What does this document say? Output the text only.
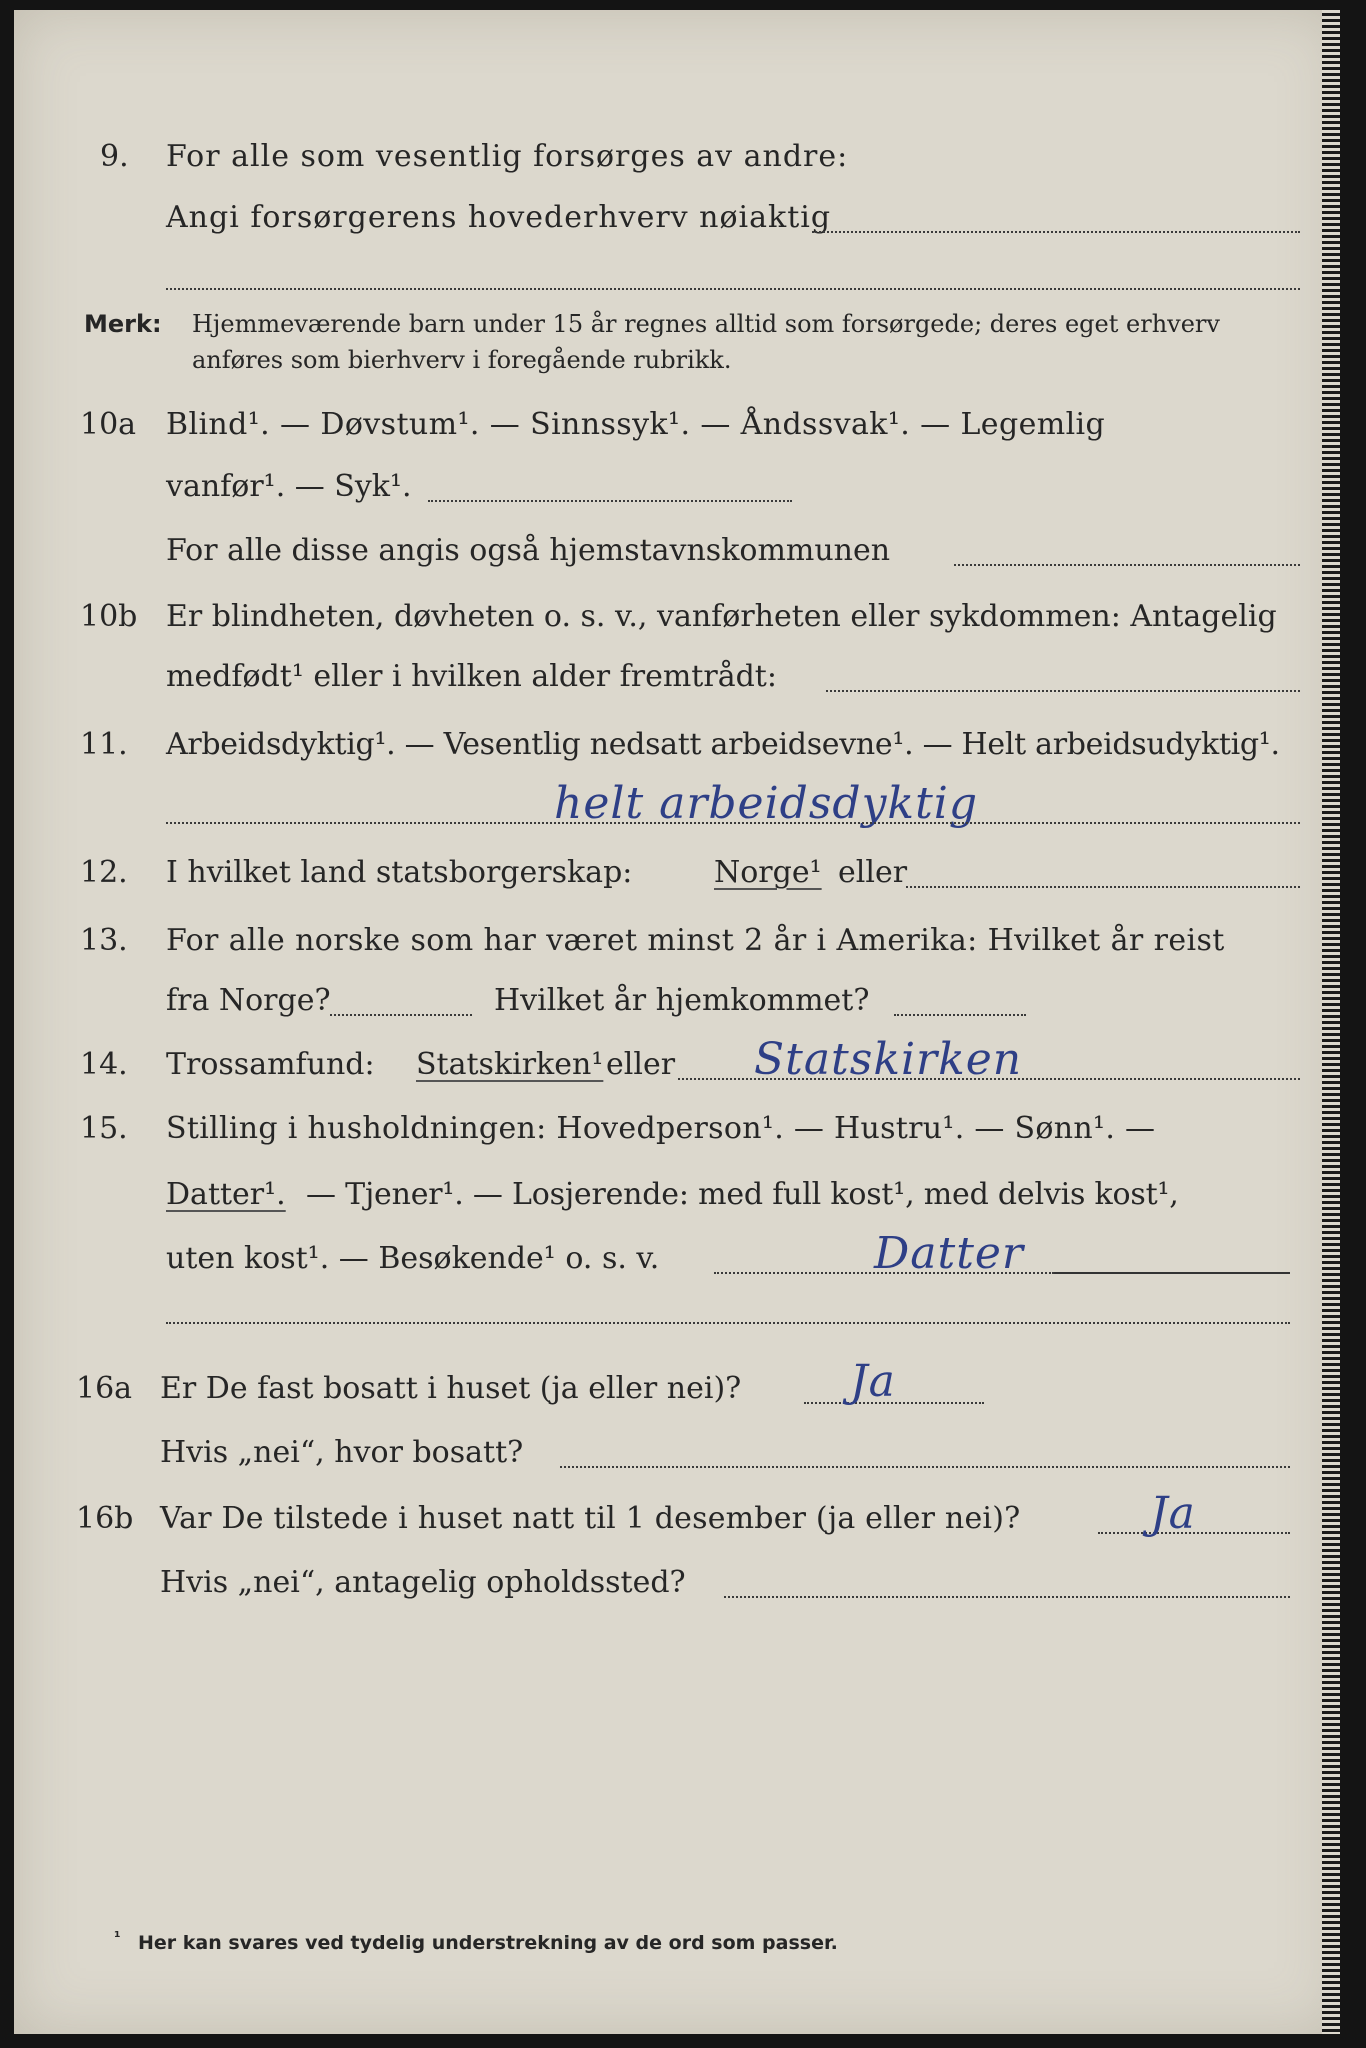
9. For alle som vesentlig forsørges av andre:
Angi forsørgerens hovederhverv nøiaktig
Merk: Hjemmeværende barn under 15 år regnes alltid som forsørgede; deres eget erhverv
anføres som bierhverv i foregående rubrikk.
10a Blind¹. — Døvstum¹. — Sinnssyk¹. — Åndssvak¹. — Legemlig
vanfør¹. — Syk¹.
For alle disse angis også hjemstavnskommunen
10b Er blindheten, døvheten o. s. v., vanførheten eller sykdommen: Antagelig
medfødt¹ eller i hvilken alder fremtrådt:
11. Arbeidsdyktig¹. — Vesentlig nedsatt arbeidsevne¹. — Helt arbeidsudyktig¹.
helt arbeidsdyktig
12. I hvilket land statsborgerskap:	Norge¹ eller
13. For alle norske som har været minst 2 år i Amerika: Hvilket år reist
fra Norge?	Hvilket år hjemkommet?
14. Trossamfund: Statskirken¹ eller Statskirken
15. Stilling i husholdningen: Hovedperson¹. — Hustru¹. — Sønn¹. —
Datter¹. — Tjener¹. — Losjerende: med full kost¹, med delvis kost¹,
uten kost¹. — Besøkende¹ o. s. v.	Datter
16a Er De fast bosatt i huset (ja eller nei)? Ja
Hvis „nei“, hvor bosatt?
16b Var De tilstede i huset natt til 1 desember (ja eller nei)?	Ja
Hvis „nei“, antagelig opholdssted?
¹ Her kan svares ved tydelig understrekning av de ord som passer.
